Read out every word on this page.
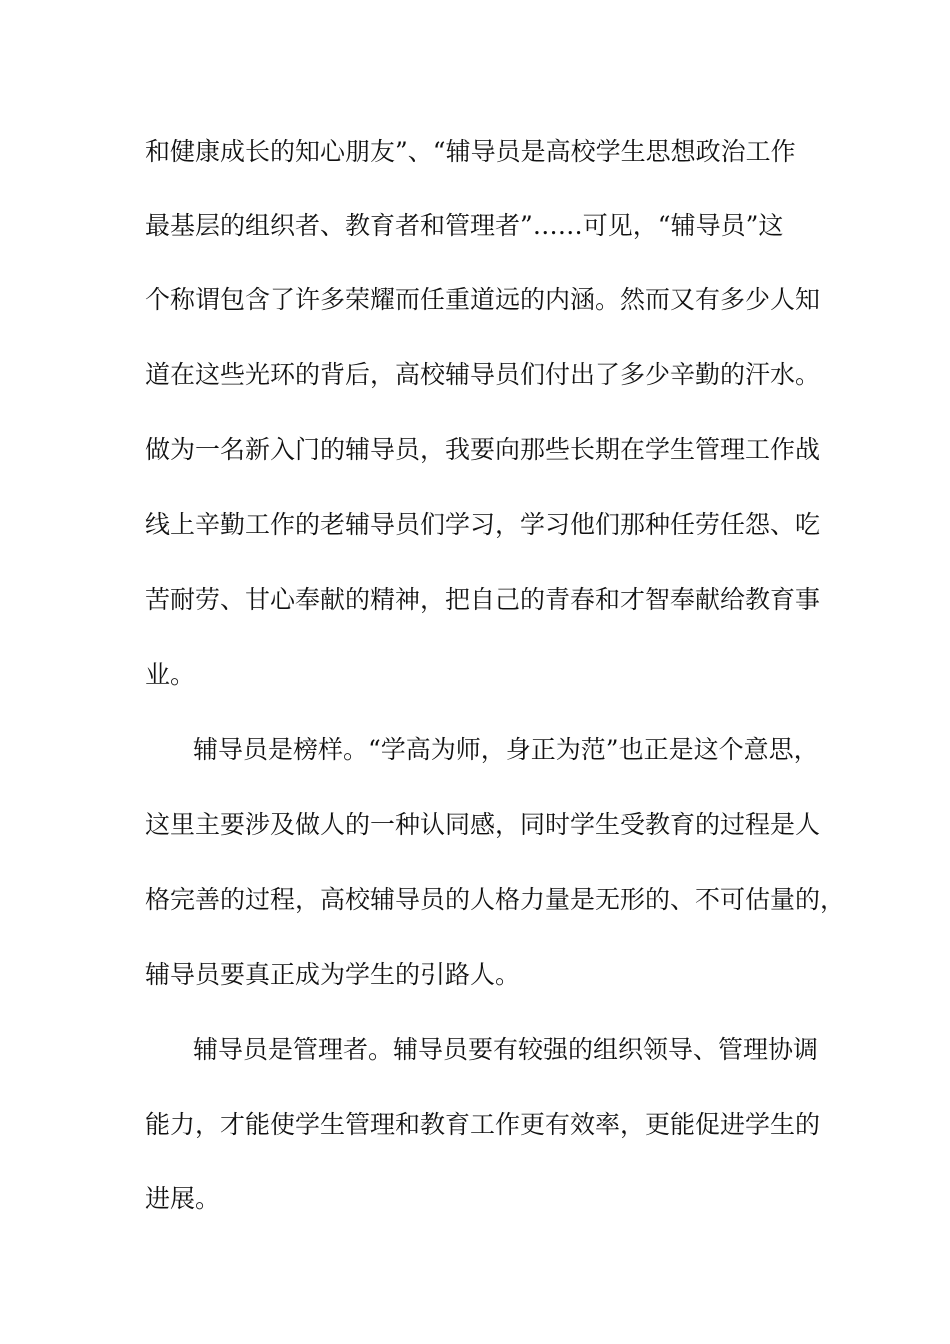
和健康成长的知心朋友”、“辅导员是高校学生思想政治工作
最基层的组织者、教育者和管理者”……可见，“辅导员”这
个称谓包含了许多荣耀而任重道远的内涵。然而又有多少人知
道在这些光环的背后，高校辅导员们付出了多少辛勤的汗水。
做为一名新入门的辅导员，我要向那些长期在学生管理工作战
线上辛勤工作的老辅导员们学习，学习他们那种任劳任怨、吃
苦耐劳、甘心奉献的精神，把自己的青春和才智奉献给教育事
业。
辅导员是榜样。“学高为师，身正为范”也正是这个意思，
这里主要涉及做人的一种认同感，同时学生受教育的过程是人
格完善的过程，高校辅导员的人格力量是无形的、不可估量的，
辅导员要真正成为学生的引路人。
辅导员是管理者。辅导员要有较强的组织领导、管理协调
能力，才能使学生管理和教育工作更有效率，更能促进学生的
进展。
